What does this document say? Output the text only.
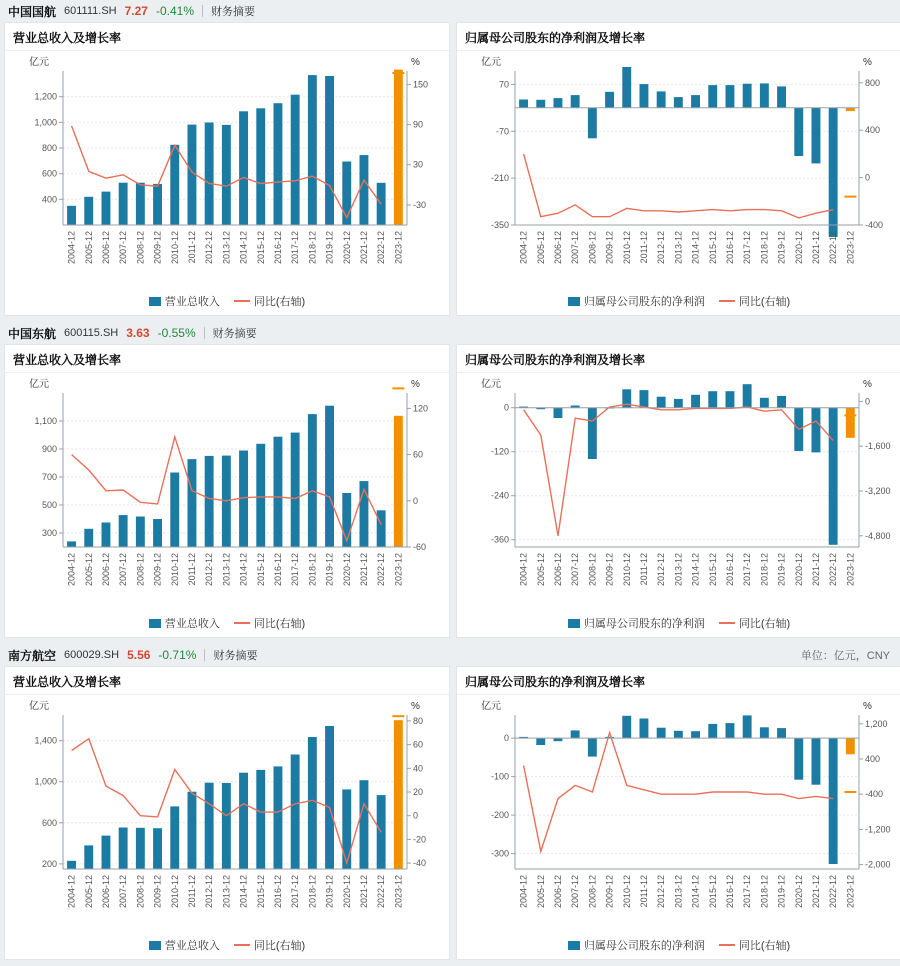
中国国航 601111.SH 7.27 -0.41% 财务摘要
营业总收入及增长率
400
600
800
1,000
1,200
-30
30
90
150
2004-12 2005-12 2006-12 2007-12 2008-12 2009-12 2010-12 2011-12 2012-12 2013-12 2014-12 2015-12 2016-12 2017-12 2018-12 2019-12 2020-12 2021-12 2022-12 2023-12
亿元	%
营业总收入	同比(右轴)
归属母公司股东的净利润及增长率
-350
-210
-70
70
-400
0
400
800
2004-12 2005-12 2006-12 2007-12 2008-12 2009-12 2010-12 2011-12 2012-12 2013-12 2014-12 2015-12 2016-12 2017-12 2018-12 2019-12 2020-12 2021-12 2022-12 2023-12
亿元	%
归属母公司股东的净利润	同比(右轴)
中国东航 600115.SH 3.63 -0.55% 财务摘要
营业总收入及增长率
300
500
700
900
1,100
-60
0
60
120
2004-12 2005-12 2006-12 2007-12 2008-12 2009-12 2010-12 2011-12 2012-12 2013-12 2014-12 2015-12 2016-12 2017-12 2018-12 2019-12 2020-12 2021-12 2022-12 2023-12
亿元	%
营业总收入	同比(右轴)
归属母公司股东的净利润及增长率
-360
-240
-120
0
-4,800
-3,200
-1,600
0
2004-12 2005-12 2006-12 2007-12 2008-12 2009-12 2010-12 2011-12 2012-12 2013-12 2014-12 2015-12 2016-12 2017-12 2018-12 2019-12 2020-12 2021-12 2022-12 2023-12
亿元	%
归属母公司股东的净利润	同比(右轴)
南方航空 600029.SH 5.56 -0.71% 财务摘要	单位：亿元，CNY
营业总收入及增长率
200
600
1,000
1,400
-40
-20
0
20
40
60
80
2004-12 2005-12 2006-12 2007-12 2008-12 2009-12 2010-12 2011-12 2012-12 2013-12 2014-12 2015-12 2016-12 2017-12 2018-12 2019-12 2020-12 2021-12 2022-12 2023-12
亿元	%
营业总收入	同比(右轴)
归属母公司股东的净利润及增长率
-300
-200
-100
0
-2,000
-1,200
-400
400
1,200
2004-12 2005-12 2006-12 2007-12 2008-12 2009-12 2010-12 2011-12 2012-12 2013-12 2014-12 2015-12 2016-12 2017-12 2018-12 2019-12 2020-12 2021-12 2022-12 2023-12
亿元	%
归属母公司股东的净利润	同比(右轴)
